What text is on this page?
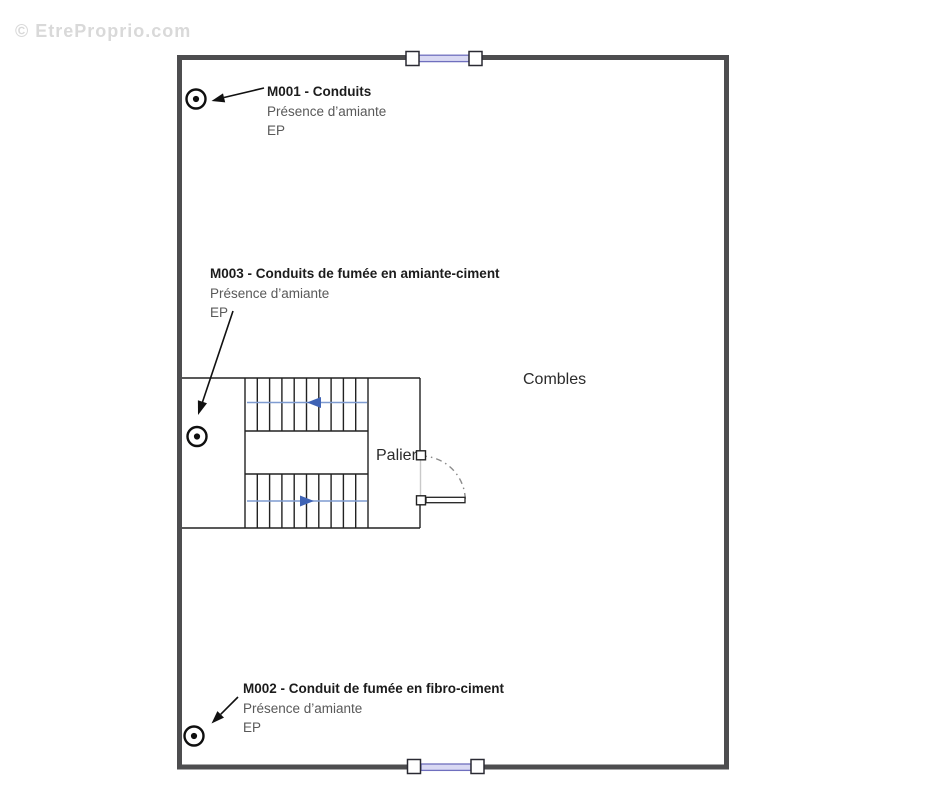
© EtreProprio.com
M001 - Conduits
Présence d’amiante
EP
M003 - Conduits de fumée en amiante-ciment
Présence d’amiante
EP
M002 - Conduit de fumée en fibro-ciment
Présence d’amiante
EP
Combles
Palier
